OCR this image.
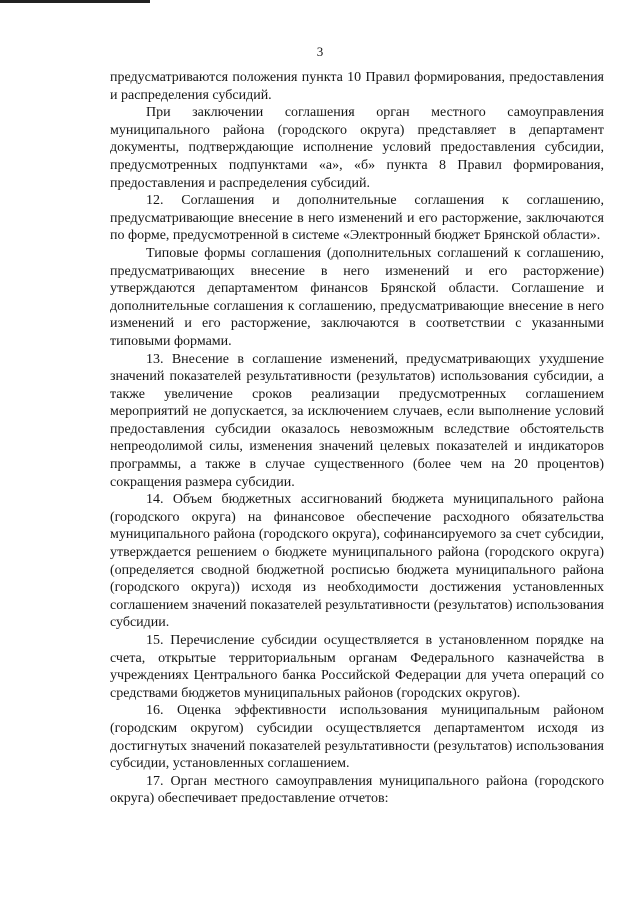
3

предусматриваются положения пункта 10 Правил формирования, предоставления и распределения субсидий.

При заключении соглашения орган местного самоуправления муниципального района (городского округа) представляет в департамент документы, подтверждающие исполнение условий предоставления субсидии, предусмотренных подпунктами «а», «б» пункта 8 Правил формирования, предоставления и распределения субсидий.

12. Соглашения и дополнительные соглашения к соглашению, предусматривающие внесение в него изменений и его расторжение, заключаются по форме, предусмотренной в системе «Электронный бюджет Брянской области».

Типовые формы соглашения (дополнительных соглашений к соглашению, предусматривающих внесение в него изменений и его расторжение) утверждаются департаментом финансов Брянской области. Соглашение и дополнительные соглашения к соглашению, предусматривающие внесение в него изменений и его расторжение, заключаются в соответствии с указанными типовыми формами.

13. Внесение в соглашение изменений, предусматривающих ухудшение значений показателей результативности (результатов) использования субсидии, а также увеличение сроков реализации предусмотренных соглашением мероприятий не допускается, за исключением случаев, если выполнение условий предоставления субсидии оказалось невозможным вследствие обстоятельств непреодолимой силы, изменения значений целевых показателей и индикаторов программы, а также в случае существенного (более чем на 20 процентов) сокращения размера субсидии.

14. Объем бюджетных ассигнований бюджета муниципального района (городского округа) на финансовое обеспечение расходного обязательства муниципального района (городского округа), софинансируемого за счет субсидии, утверждается решением о бюджете муниципального района (городского округа) (определяется сводной бюджетной росписью бюджета муниципального района (городского округа)) исходя из необходимости достижения установленных соглашением значений показателей результативности (результатов) использования субсидии.

15. Перечисление субсидии осуществляется в установленном порядке на счета, открытые территориальным органам Федерального казначейства в учреждениях Центрального банка Российской Федерации для учета операций со средствами бюджетов муниципальных районов (городских округов).

16. Оценка эффективности использования муниципальным районом (городским округом) субсидии осуществляется департаментом исходя из достигнутых значений показателей результативности (результатов) использования субсидии, установленных соглашением.

17. Орган местного самоуправления муниципального района (городского округа) обеспечивает предоставление отчетов:
